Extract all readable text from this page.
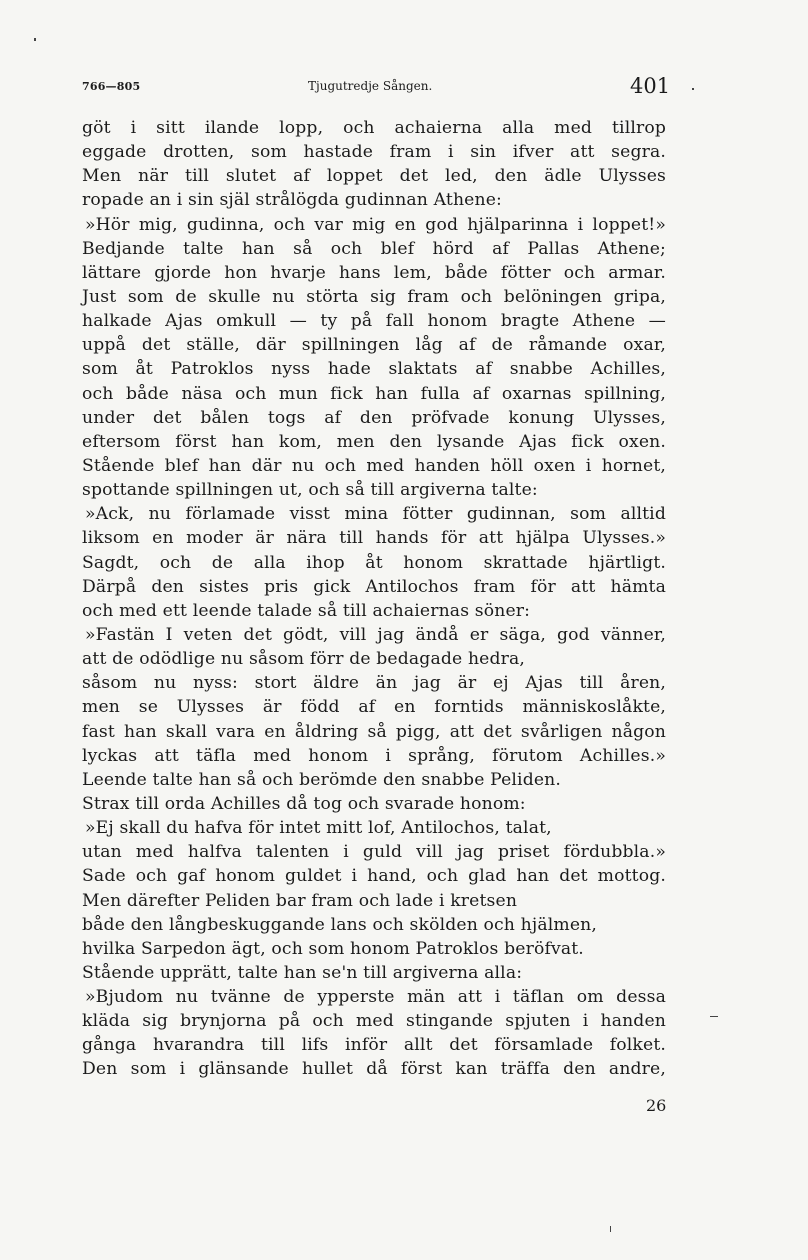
766—805	Tjugutredje Sången.	401
göt i sitt ilande lopp, och achaierna alla med tillrop
eggade drotten, som hastade fram i sin ifver att segra.
Men när till slutet af loppet det led, den ädle Ulysses
ropade an i sin själ strålögda gudinnan Athene:
»Hör mig, gudinna, och var mig en god hjälparinna i loppet!»
Bedjande talte han så och blef hörd af Pallas Athene;
lättare gjorde hon hvarje hans lem, både fötter och armar.
Just som de skulle nu störta sig fram och belöningen gripa,
halkade Ajas omkull — ty på fall honom bragte Athene —
uppå det ställe, där spillningen låg af de råmande oxar,
som åt Patroklos nyss hade slaktats af snabbe Achilles,
och både näsa och mun fick han fulla af oxarnas spillning,
under det bålen togs af den pröfvade konung Ulysses,
eftersom först han kom, men den lysande Ajas fick oxen.
Stående blef han där nu och med handen höll oxen i hornet,
spottande spillningen ut, och så till argiverna talte:
»Ack, nu förlamade visst mina fötter gudinnan, som alltid
liksom en moder är nära till hands för att hjälpa Ulysses.»
Sagdt, och de alla ihop åt honom skrattade hjärtligt.
Därpå den sistes pris gick Antilochos fram för att hämta
och med ett leende talade så till achaiernas söner:
»Fastän I veten det gödt, vill jag ändå er säga, god vänner,
att de odödlige nu såsom förr de bedagade hedra,
såsom nu nyss: stort äldre än jag är ej Ajas till åren,
men se Ulysses är född af en forntids människoslåkte,
fast han skall vara en åldring så pigg, att det svårligen någon
lyckas att täfla med honom i språng, förutom Achilles.»
Leende talte han så och berömde den snabbe Peliden.
Strax till orda Achilles då tog och svarade honom:
»Ej skall du hafva för intet mitt lof, Antilochos, talat,
utan med halfva talenten i guld vill jag priset fördubbla.»
Sade och gaf honom guldet i hand, och glad han det mottog.
Men därefter Peliden bar fram och lade i kretsen
både den långbeskuggande lans och skölden och hjälmen,
hvilka Sarpedon ägt, och som honom Patroklos beröfvat.
Stående upprätt, talte han se'n till argiverna alla:
»Bjudom nu tvänne de ypperste män att i täflan om dessa
kläda sig brynjorna på och med stingande spjuten i handen
gånga hvarandra till lifs inför allt det församlade folket.
Den som i glänsande hullet då först kan träffa den andre,
26
